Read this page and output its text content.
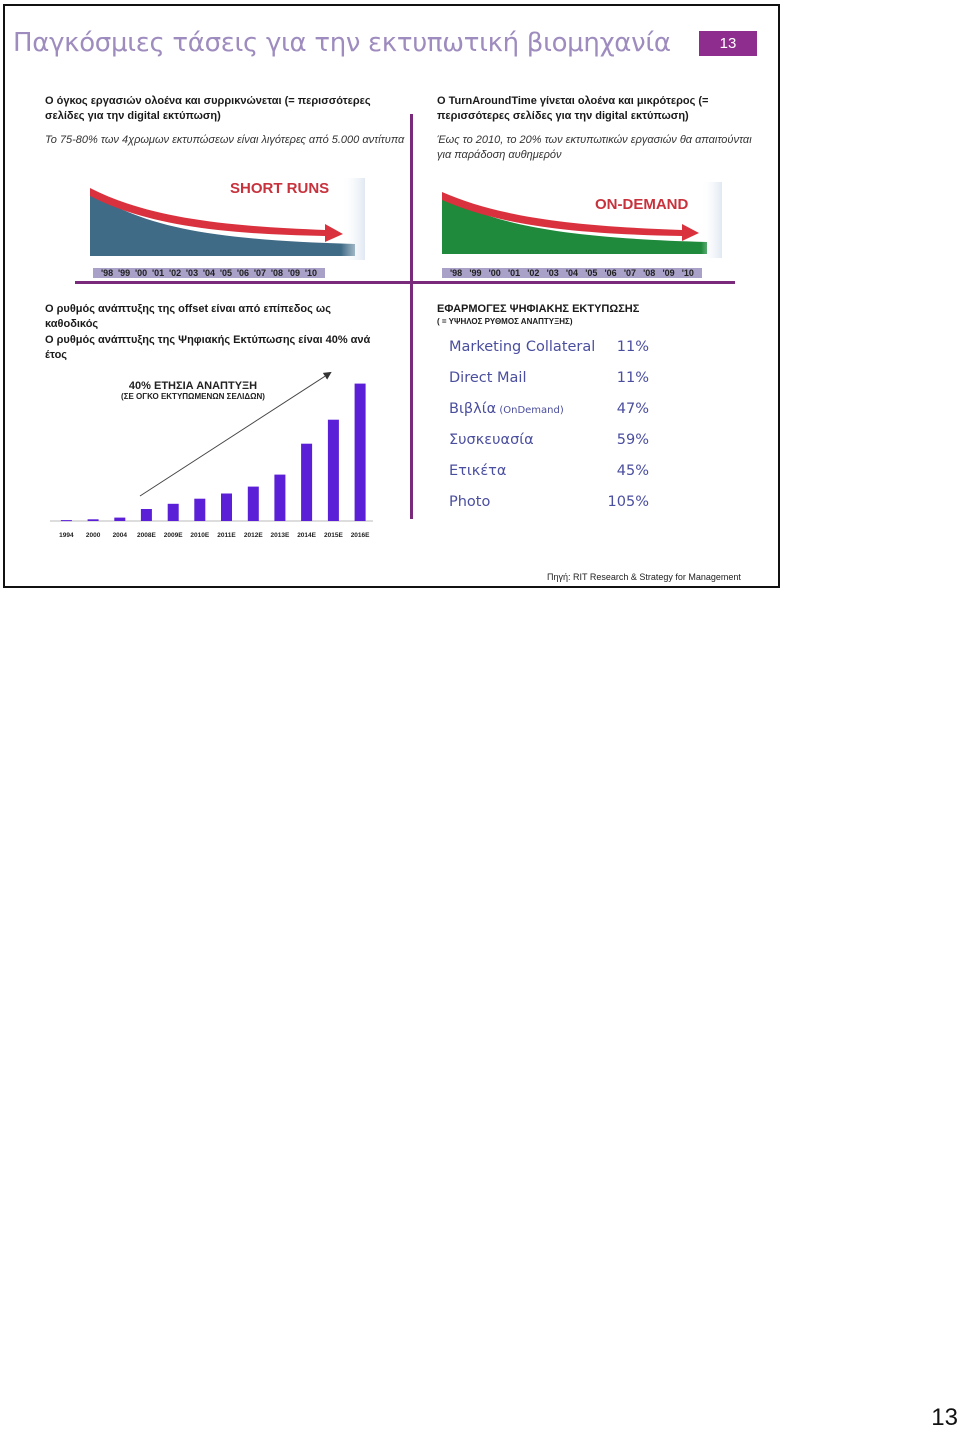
Παγκόσμιες τάσεις για την εκτυπωτική βιομηχανία	13
Ο όγκος εργασιών ολοένα και συρρικνώνεται (= περισσότερες σελίδες για την digital εκτύπωση)
Το 75-80% των 4χρωμων εκτυπώσεων είναι λιγότερες από 5.000 αντίτυπα
SHORT RUNS
'98 '99 '00 '01 '02 '03 '04 '05 '06 '07 '08 '09 '10
Ο TurnAroundTime γίνεται ολοένα και μικρότερος (= περισσότερες σελίδες για την digital εκτύπωση)
Έως το 2010, το 20% των εκτυπωτικών εργασιών θα απαιτούνται για παράδοση αυθημερόν
ON-DEMAND
'98 '99 '00 '01 '02 '03 '04 '05 '06 '07 '08 '09 '10
Ο ρυθμός ανάπτυξης της offset είναι από επίπεδος ως καθοδικός
Ο ρυθμός ανάπτυξης της Ψηφιακής Εκτύπωσης είναι 40% ανά έτος
40% ΕΤΗΣΙΑ ΑΝΑΠΤΥΞΗ
(ΣΕ ΟΓΚΟ ΕΚΤΥΠΩΜΕΝΩΝ ΣΕΛΙΔΩΝ)
1994 2000 2004 2008E 2009E 2010E 2011E 2012E 2013E 2014E 2015E 2016E
ΕΦΑΡΜΟΓΕΣ ΨΗΦΙΑΚΗΣ ΕΚΤΥΠΩΣΗΣ
( = ΥΨΗΛΟΣ ΡΥΘΜΟΣ ΑΝΑΠΤΥΞΗΣ)
Marketing Collateral	11%
Direct Mail	11%
Βιβλία (OnDemand)	47%
Συσκευασία	59%
Ετικέτα	45%
Photo	105%
Πηγή: RIT Research & Strategy for Management
13
